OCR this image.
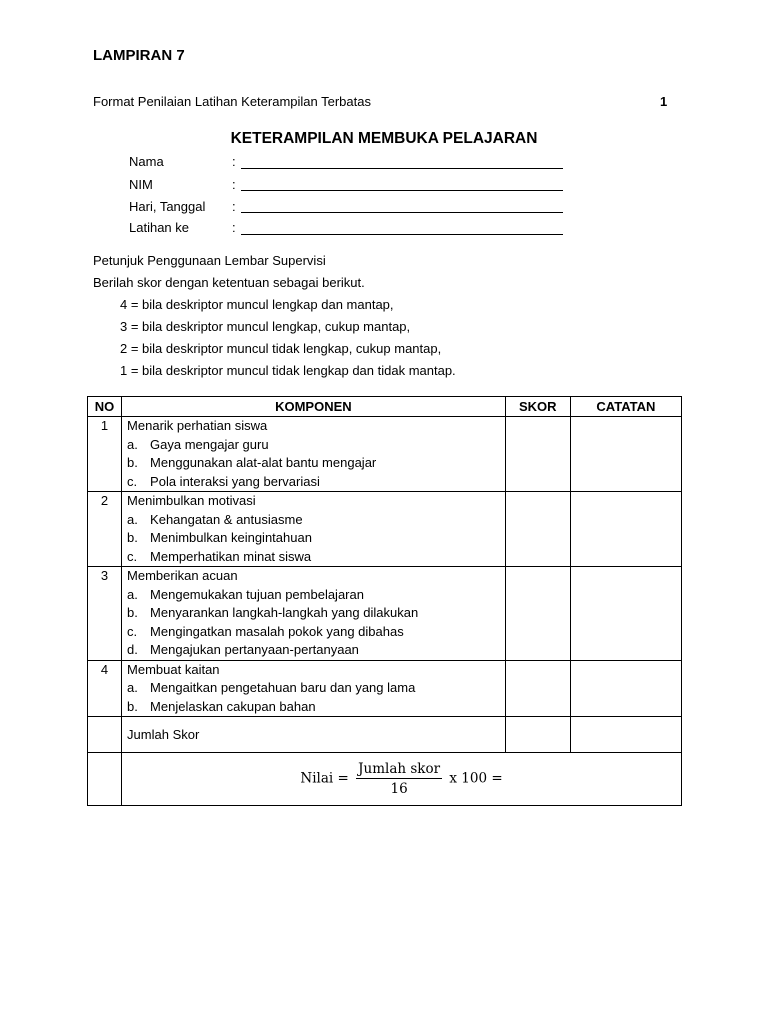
LAMPIRAN 7
Format Penilaian Latihan Keterampilan Terbatas	1
KETERAMPILAN MEMBUKA PELAJARAN
Nama	:
NIM	:
Hari, Tanggal :
Latihan ke	:
Petunjuk Penggunaan Lembar Supervisi
Berilah skor dengan ketentuan sebagai berikut.
4 = bila deskriptor muncul lengkap dan mantap,
3 = bila deskriptor muncul lengkap, cukup mantap,
2 = bila deskriptor muncul tidak lengkap, cukup mantap,
1 = bila deskriptor muncul tidak lengkap dan tidak mantap.
NO	KOMPONEN	SKOR	CATATAN
1	Menarik perhatian siswa
a. Gaya mengajar guru
b. Menggunakan alat-alat bantu mengajar
c. Pola interaksi yang bervariasi		

2	Menimbulkan motivasi
a. Kehangatan & antusiasme
b. Menimbulkan keingintahuan
c. Memperhatikan minat siswa		

3	Memberikan acuan
a. Mengemukakan tujuan pembelajaran
b. Menyarankan langkah-langkah yang dilakukan
c. Mengingatkan masalah pokok yang dibahas
d. Mengajukan pertanyaan-pertanyaan		

4	Membuat kaitan
a. Mengaitkan pengetahuan baru dan yang lama
b. Menjelaskan cakupan bahan		

	Jumlah Skor		
	Nilai = $\frac{\text{Jumlah skor}}{16}$ x 100 =		
